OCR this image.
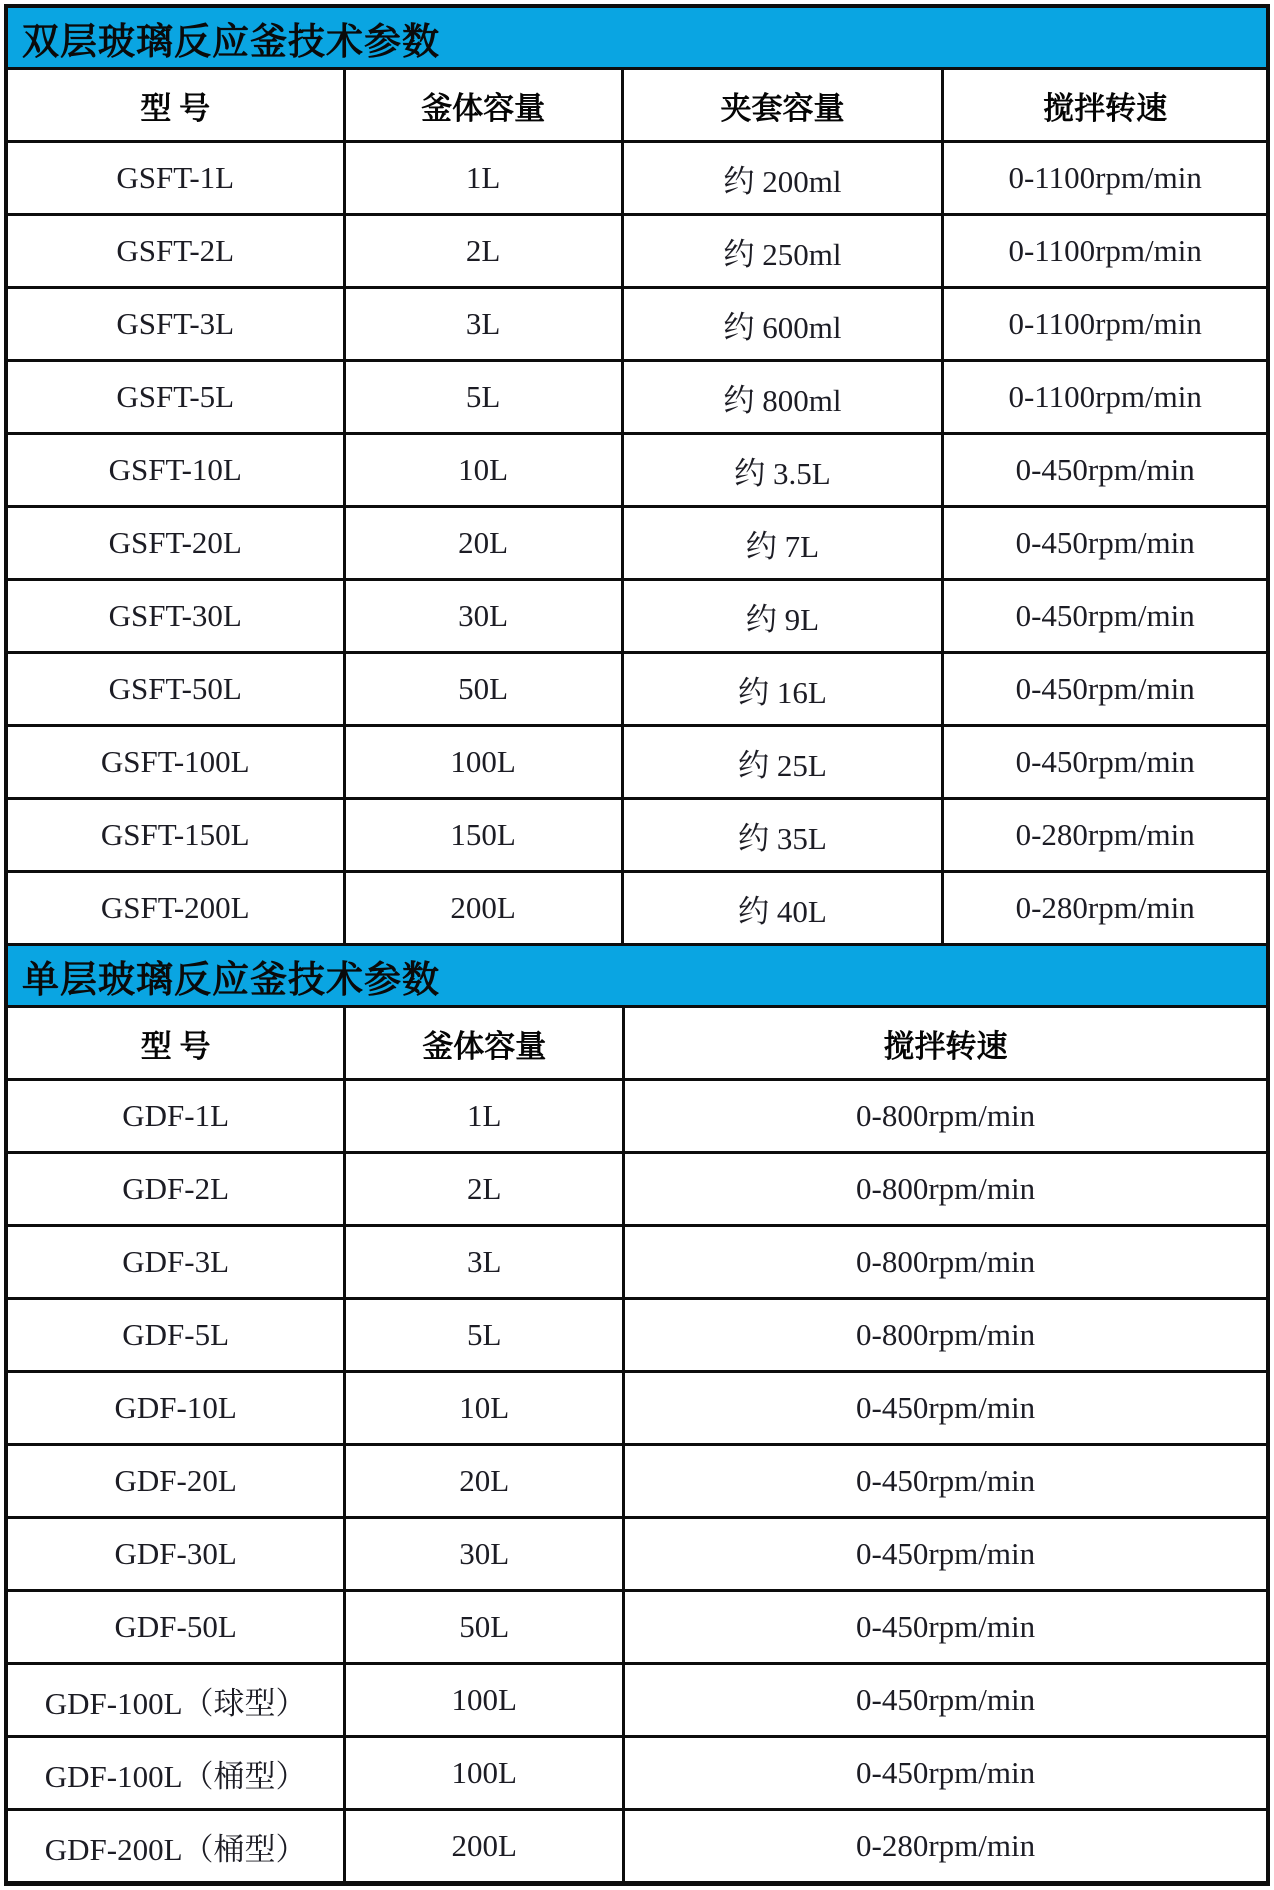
双层玻璃反应釜技术参数
型 号	釜体容量	夹套容量	搅拌转速
GSFT-1L	1L	约 200ml	0-1100rpm/min
GSFT-2L	2L	约 250ml	0-1100rpm/min
GSFT-3L	3L	约 600ml	0-1100rpm/min
GSFT-5L	5L	约 800ml	0-1100rpm/min
GSFT-10L	10L	约 3.5L	0-450rpm/min
GSFT-20L	20L	约 7L	0-450rpm/min
GSFT-30L	30L	约 9L	0-450rpm/min
GSFT-50L	50L	约 16L	0-450rpm/min
GSFT-100L	100L	约 25L	0-450rpm/min
GSFT-150L	150L	约 35L	0-280rpm/min
GSFT-200L	200L	约 40L	0-280rpm/min
单层玻璃反应釜技术参数
型 号	釜体容量	搅拌转速
GDF-1L	1L	0-800rpm/min
GDF-2L	2L	0-800rpm/min
GDF-3L	3L	0-800rpm/min
GDF-5L	5L	0-800rpm/min
GDF-10L	10L	0-450rpm/min
GDF-20L	20L	0-450rpm/min
GDF-30L	30L	0-450rpm/min
GDF-50L	50L	0-450rpm/min
GDF-100L（球型）	100L	0-450rpm/min
GDF-100L（桶型）	100L	0-450rpm/min
GDF-200L（桶型）	200L	0-280rpm/min
